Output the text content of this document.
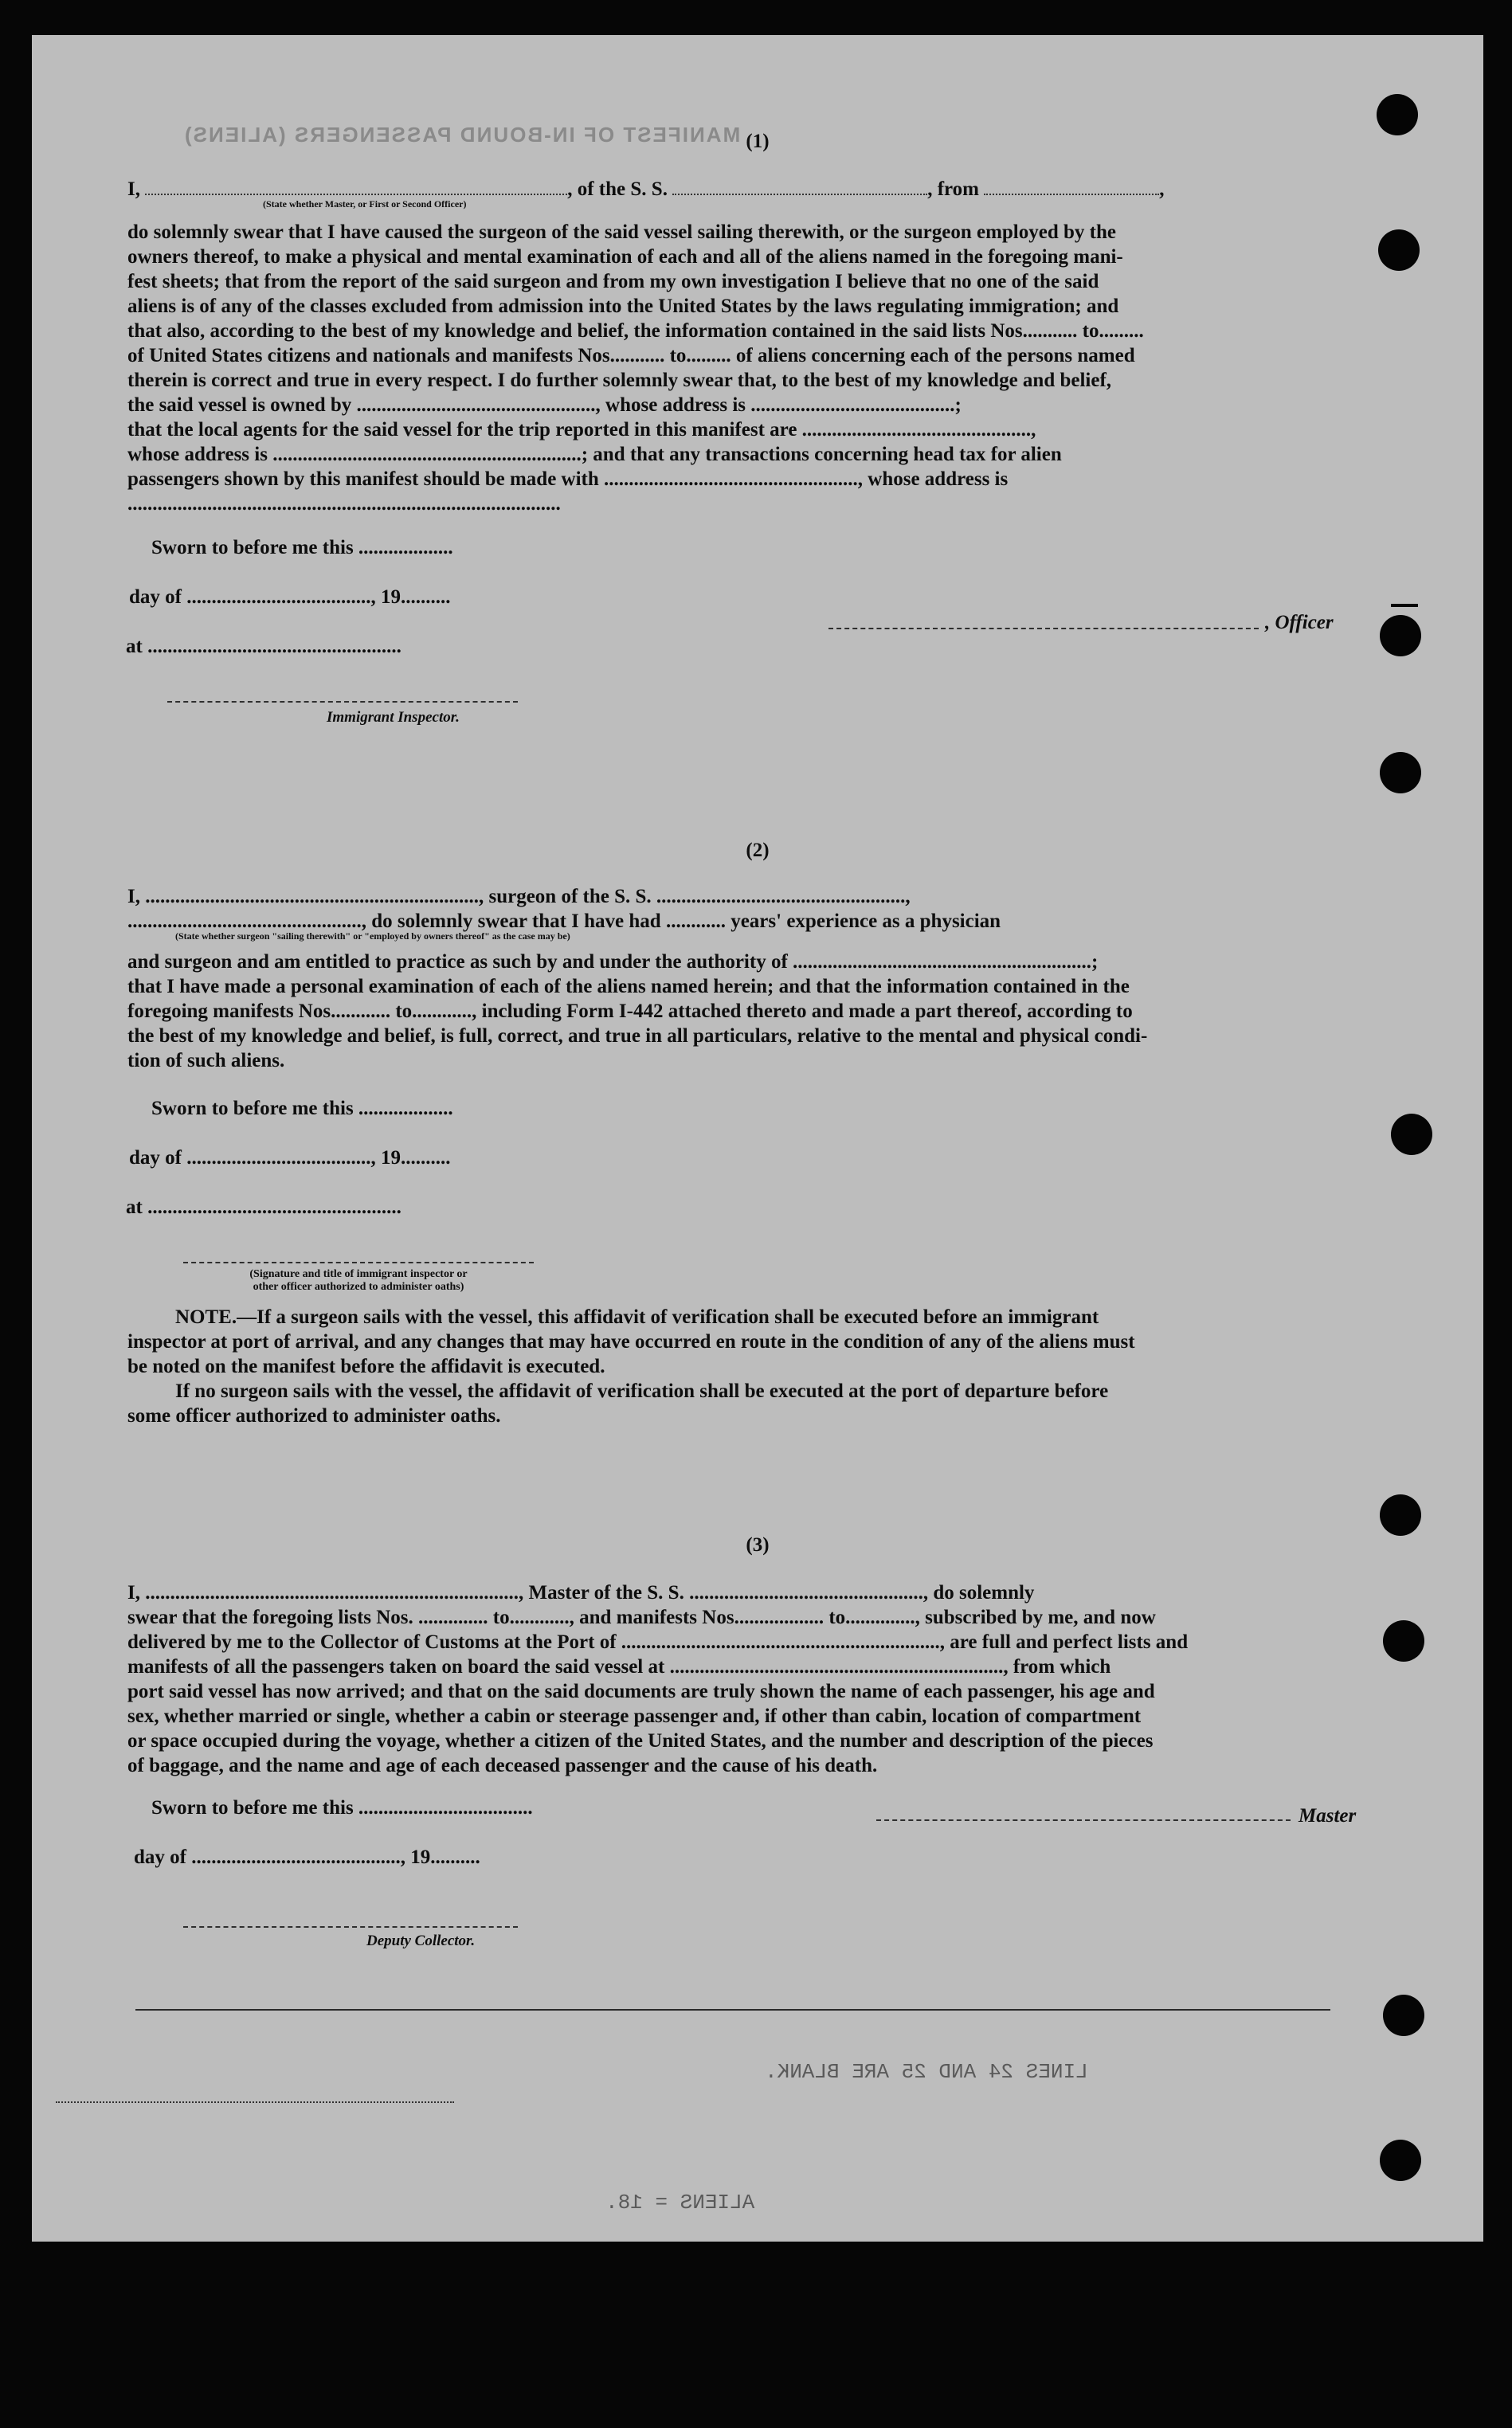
MANIFEST OF IN-BOUND PASSENGERS (ALIENS)
LINES 24 AND 25 ARE BLANK.
ALIENS = 18.
(1)
I,	, of the S. S.	, from	,
(State whether Master, or First or Second Officer)
do solemnly swear that I have caused the surgeon of the said vessel sailing therewith, or the surgeon employed by the
owners thereof, to make a physical and mental examination of each and all of the aliens named in the foregoing mani-
fest sheets; that from the report of the said surgeon and from my own investigation I believe that no one of the said
aliens is of any of the classes excluded from admission into the United States by the laws regulating immigration; and
that also, according to the best of my knowledge and belief, the information contained in the said lists Nos........... to.........
of United States citizens and nationals and manifests Nos........... to......... of aliens concerning each of the persons named
therein is correct and true in every respect. I do further solemnly swear that, to the best of my knowledge and belief,
the said vessel is owned by ................................................, whose address is .........................................;
that the local agents for the said vessel for the trip reported in this manifest are ..............................................,
whose address is ..............................................................; and that any transactions concerning head tax for alien
passengers shown by this manifest should be made with ..................................................., whose address is
.......................................................................................
Sworn to before me this ...................
day of ....................................., 19..........
at ...................................................
, Officer
Immigrant Inspector.
(2)
I, ..................................................................., surgeon of the S. S. ..................................................,
..............................................., do solemnly swear that I have had ............ years' experience as a physician
(State whether surgeon "sailing therewith" or "employed by owners thereof" as the case may be)
and surgeon and am entitled to practice as such by and under the authority of ............................................................;
that I have made a personal examination of each of the aliens named herein; and that the information contained in the
foregoing manifests Nos............ to............, including Form I-442 attached thereto and made a part thereof, according to
the best of my knowledge and belief, is full, correct, and true in all particulars, relative to the mental and physical condi-
tion of such aliens.
Sworn to before me this ...................
day of ....................................., 19..........
at ...................................................
(Signature and title of immigrant inspector or
other officer authorized to administer oaths)
NOTE.—If a surgeon sails with the vessel, this affidavit of verification shall be executed before an immigrant
inspector at port of arrival, and any changes that may have occurred en route in the condition of any of the aliens must
be noted on the manifest before the affidavit is executed.
If no surgeon sails with the vessel, the affidavit of verification shall be executed at the port of departure before
some officer authorized to administer oaths.
(3)
I, ..........................................................................., Master of the S. S. ..............................................., do solemnly
swear that the foregoing lists Nos. .............. to............, and manifests Nos.................. to.............., subscribed by me, and now
delivered by me to the Collector of Customs at the Port of ................................................................, are full and perfect lists and
manifests of all the passengers taken on board the said vessel at ..................................................................., from which
port said vessel has now arrived; and that on the said documents are truly shown the name of each passenger, his age and
sex, whether married or single, whether a cabin or steerage passenger and, if other than cabin, location of compartment
or space occupied during the voyage, whether a citizen of the United States, and the number and description of the pieces
of baggage, and the name and age of each deceased passenger and the cause of his death.
Sworn to before me this ...................................
day of .........................................., 19..........
Master
Deputy Collector.
